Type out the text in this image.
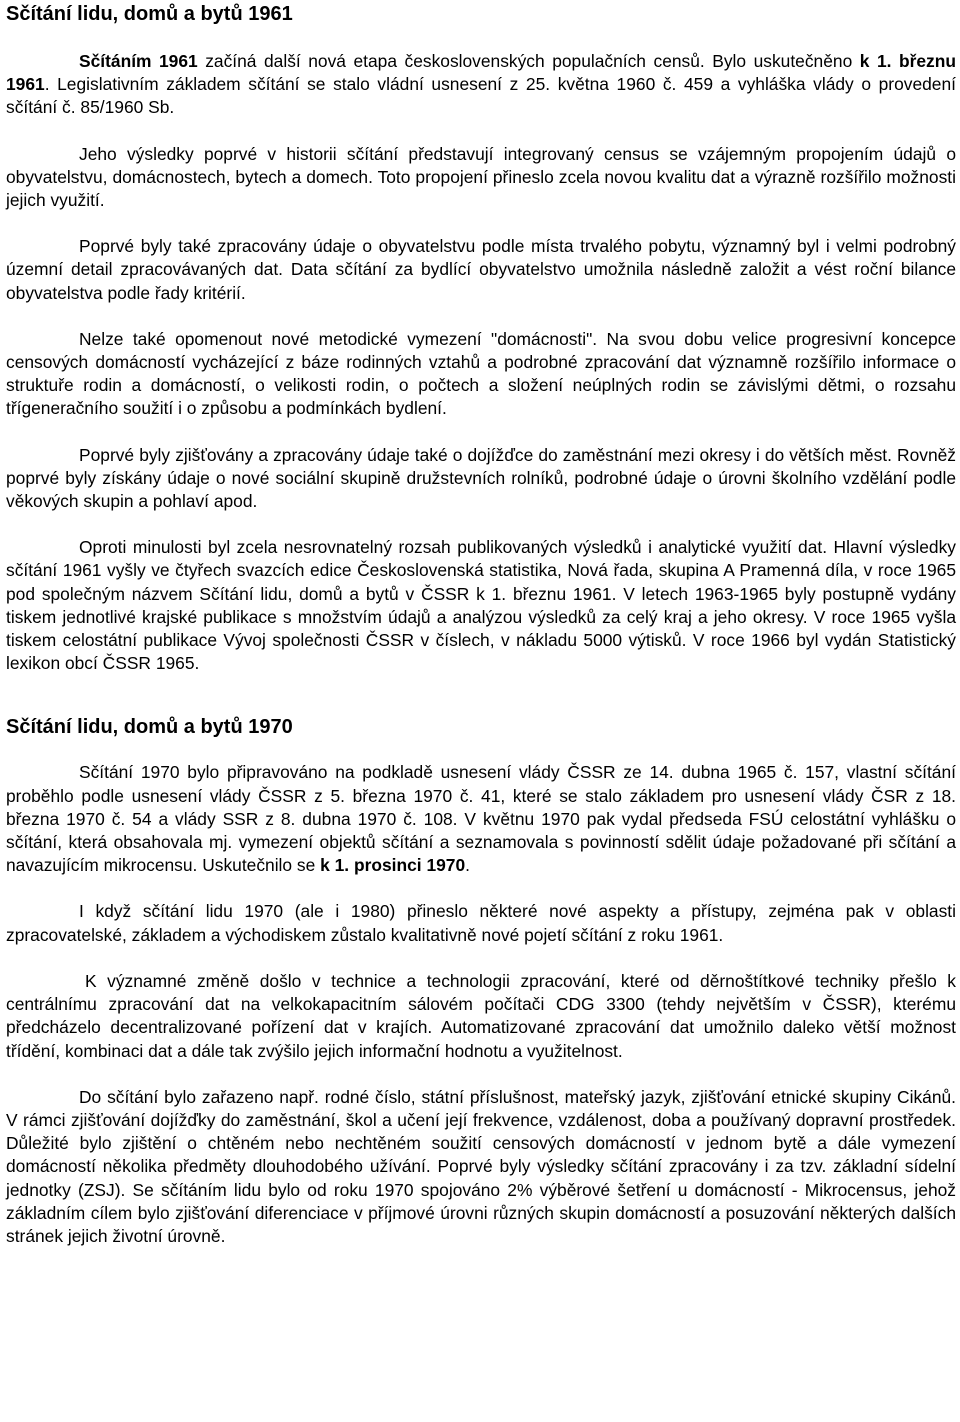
Sčítání lidu, domů a bytů 1961

Sčítáním 1961 začíná další nová etapa československých populačních censů. Bylo uskutečněno k 1. březnu 1961. Legislativním základem sčítání se stalo vládní usnesení z 25. května 1960 č. 459 a vyhláška vlády o provedení sčítání č. 85/1960 Sb.

Jeho výsledky poprvé v historii sčítání představují integrovaný census se vzájemným propojením údajů o obyvatelstvu, domácnostech, bytech a domech. Toto propojení přineslo zcela novou kvalitu dat a výrazně rozšířilo možnosti jejich využití.

Poprvé byly také zpracovány údaje o obyvatelstvu podle místa trvalého pobytu, významný byl i velmi podrobný územní detail zpracovávaných dat. Data sčítání za bydlící obyvatelstvo umožnila následně založit a vést roční bilance obyvatelstva podle řady kritérií.

Nelze také opomenout nové metodické vymezení "domácnosti". Na svou dobu velice progresivní koncepce censových domácností vycházející z báze rodinných vztahů a podrobné zpracování dat významně rozšířilo informace o struktuře rodin a domácností, o velikosti rodin, o počtech a složení neúplných rodin se závislými dětmi, o rozsahu třígeneračního soužití i o způsobu a podmínkách bydlení.

Poprvé byly zjišťovány a zpracovány údaje také o dojížďce do zaměstnání mezi okresy i do větších měst. Rovněž poprvé byly získány údaje o nové sociální skupině družstevních rolníků, podrobné údaje o úrovni školního vzdělání podle věkových skupin a pohlaví apod.

Oproti minulosti byl zcela nesrovnatelný rozsah publikovaných výsledků i analytické využití dat. Hlavní výsledky sčítání 1961 vyšly ve čtyřech svazcích edice Československá statistika, Nová řada, skupina A Pramenná díla, v roce 1965 pod společným názvem Sčítání lidu, domů a bytů v ČSSR k 1. březnu 1961. V letech 1963-1965 byly postupně vydány tiskem jednotlivé krajské publikace s množstvím údajů a analýzou výsledků za celý kraj a jeho okresy. V roce 1965 vyšla tiskem celostátní publikace Vývoj společnosti ČSSR v číslech, v nákladu 5000 výtisků. V roce 1966 byl vydán Statistický lexikon obcí ČSSR 1965.

Sčítání lidu, domů a bytů 1970

Sčítání 1970 bylo připravováno na podkladě usnesení vlády ČSSR ze 14. dubna 1965 č. 157, vlastní sčítání proběhlo podle usnesení vlády ČSSR z 5. března 1970 č. 41, které se stalo základem pro usnesení vlády ČSR z 18. března 1970 č. 54 a vlády SSR z 8. dubna 1970 č. 108. V květnu 1970 pak vydal předseda FSÚ celostátní vyhlášku o sčítání, která obsahovala mj. vymezení objektů sčítání a seznamovala s povinností sdělit údaje požadované při sčítání a navazujícím mikrocensu. Uskutečnilo se k 1. prosinci 1970.

I když sčítání lidu 1970 (ale i 1980) přineslo některé nové aspekty a přístupy, zejména pak v oblasti zpracovatelské, základem a východiskem zůstalo kvalitativně nové pojetí sčítání z roku 1961.

K významné změně došlo v technice a technologii zpracování, které od děrnoštítkové techniky přešlo k centrálnímu zpracování dat na velkokapacitním sálovém počítači CDG 3300 (tehdy největším v ČSSR), kterému předcházelo decentralizované pořízení dat v krajích. Automatizované zpracování dat umožnilo daleko větší možnost třídění, kombinaci dat a dále tak zvýšilo jejich informační hodnotu a využitelnost.

Do sčítání bylo zařazeno např. rodné číslo, státní příslušnost, mateřský jazyk, zjišťování etnické skupiny Cikánů. V rámci zjišťování dojížďky do zaměstnání, škol a učení její frekvence, vzdálenost, doba a používaný dopravní prostředek. Důležité bylo zjištění o chtěném nebo nechtěném soužití censových domácností v jednom bytě a dále vymezení domácností několika předměty dlouhodobého užívání. Poprvé byly výsledky sčítání zpracovány i za tzv. základní sídelní jednotky (ZSJ). Se sčítáním lidu bylo od roku 1970 spojováno 2% výběrové šetření u domácností - Mikrocensus, jehož základním cílem bylo zjišťování diferenciace v příjmové úrovni různých skupin domácností a posuzování některých dalších stránek jejich životní úrovně.
